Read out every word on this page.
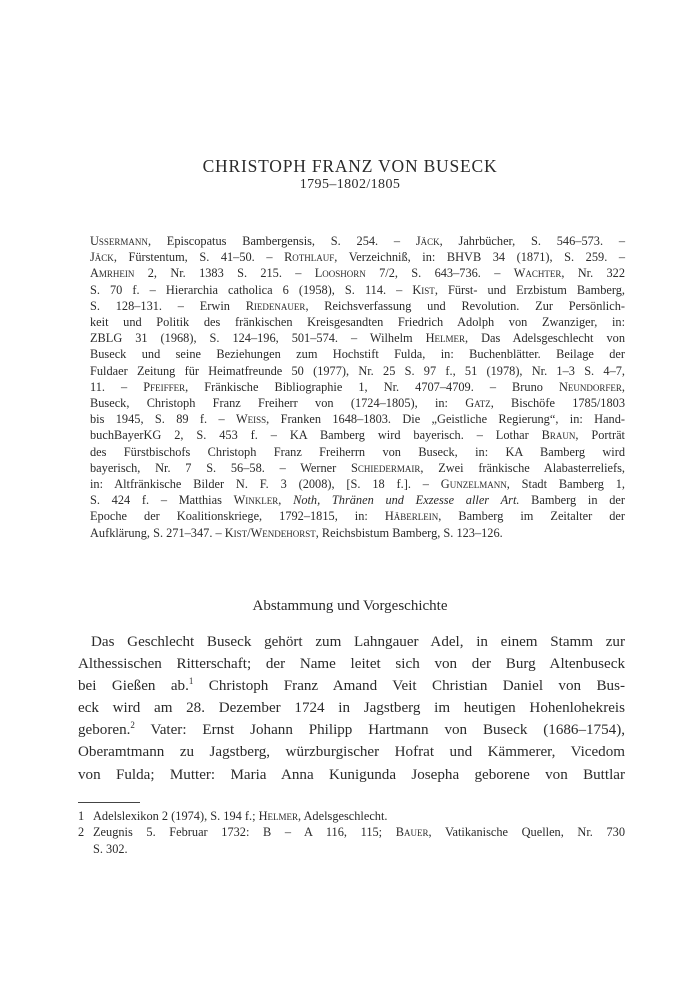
CHRISTOPH FRANZ VON BUSECK
1795–1802/1805
Ussermann, Episcopatus Bambergensis, S. 254. – Jäck, Jahrbücher, S. 546–573. –
Jäck, Fürstentum, S. 41–50. – Rothlauf, Verzeichniß, in: BHVB 34 (1871), S. 259. –
Amrhein 2, Nr. 1383 S. 215. – Looshorn 7/2, S. 643–736. – Wachter, Nr. 322
S. 70 f. – Hierarchia catholica 6 (1958), S. 114. – Kist, Fürst- und Erzbistum Bamberg,
S. 128–131. – Erwin Riedenauer, Reichsverfassung und Revolution. Zur Persönlich-
keit und Politik des fränkischen Kreisgesandten Friedrich Adolph von Zwanziger, in:
ZBLG 31 (1968), S. 124–196, 501–574. – Wilhelm Helmer, Das Adelsgeschlecht von
Buseck und seine Beziehungen zum Hochstift Fulda, in: Buchenblätter. Beilage der
Fuldaer Zeitung für Heimatfreunde 50 (1977), Nr. 25 S. 97 f., 51 (1978), Nr. 1–3 S. 4–7,
11. – Pfeiffer, Fränkische Bibliographie 1, Nr. 4707–4709. – Bruno Neundorfer,
Buseck, Christoph Franz Freiherr von (1724–1805), in: Gatz, Bischöfe 1785/1803
bis 1945, S. 89 f. – Weiss, Franken 1648–1803. Die „Geistliche Regierung“, in: Hand-
buchBayerKG 2, S. 453 f. – KA Bamberg wird bayerisch. – Lothar Braun, Porträt
des Fürstbischofs Christoph Franz Freiherrn von Buseck, in: KA Bamberg wird
bayerisch, Nr. 7 S. 56–58. – Werner Schiedermair, Zwei fränkische Alabasterreliefs,
in: Altfränkische Bilder N. F. 3 (2008), [S. 18 f.]. – Gunzelmann, Stadt Bamberg 1,
S. 424 f. – Matthias Winkler, Noth, Thränen und Exzesse aller Art. Bamberg in der
Epoche der Koalitionskriege, 1792–1815, in: Häberlein, Bamberg im Zeitalter der
Aufklärung, S. 271–347. – Kist/Wendehorst, Reichsbistum Bamberg, S. 123–126.
Abstammung und Vorgeschichte
Das Geschlecht Buseck gehört zum Lahngauer Adel, in einem Stamm zur
Althessischen Ritterschaft; der Name leitet sich von der Burg Altenbuseck
bei Gießen ab.$^1$ Christoph Franz Amand Veit Christian Daniel von Bus-
eck wird am 28. Dezember 1724 in Jagstberg im heutigen Hohenlohekreis
geboren.$^2$ Vater: Ernst Johann Philipp Hartmann von Buseck (1686–1754),
Oberamtmann zu Jagstberg, würzburgischer Hofrat und Kämmerer, Vicedom
von Fulda; Mutter: Maria Anna Kunigunda Josepha geborene von Buttlar
1 Adelslexikon 2 (1974), S. 194 f.; Helmer, Adelsgeschlecht.
2 Zeugnis 5. Februar 1732: B – A 116, 115; Bauer, Vatikanische Quellen, Nr. 730
S. 302.
